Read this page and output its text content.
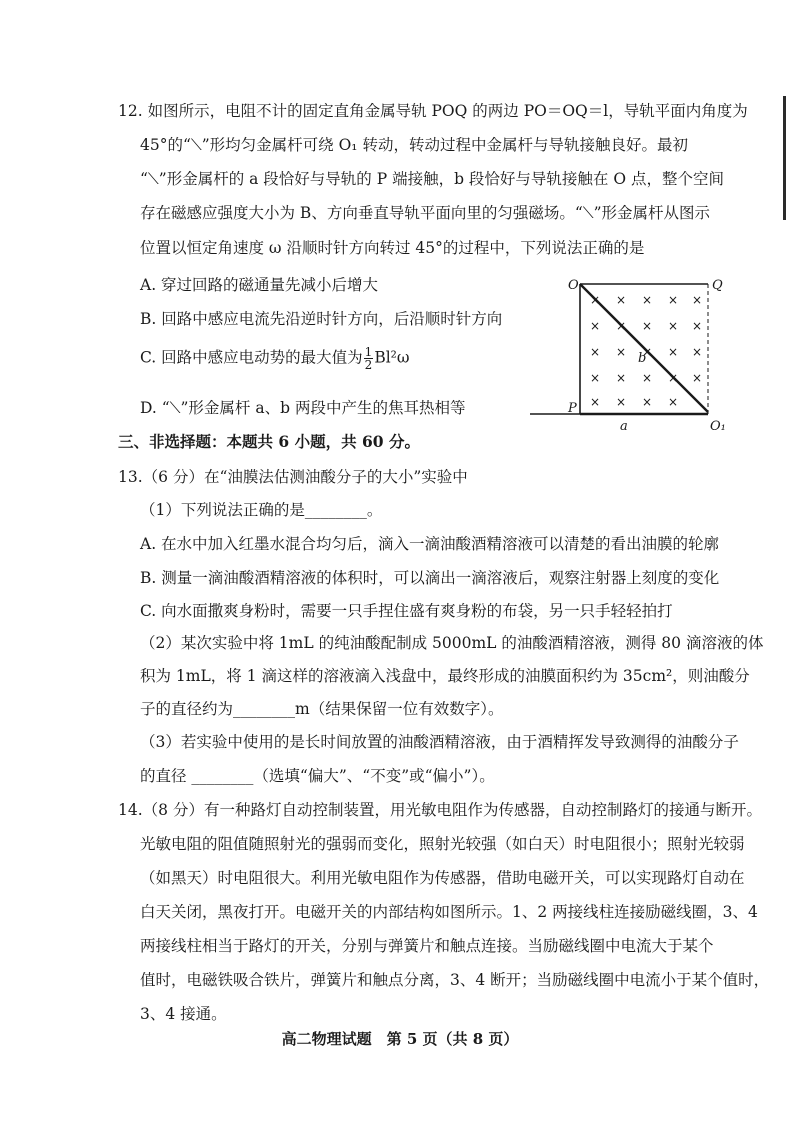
12. 如图所示，电阻不计的固定直角金属导轨 POQ 的两边 PO＝OQ＝l，导轨平面内角度为
45°的“⟍”形均匀金属杆可绕 O₁ 转动，转动过程中金属杆与导轨接触良好。最初
“⟍”形金属杆的 a 段恰好与导轨的 P 端接触，b 段恰好与导轨接触在 O 点，整个空间
存在磁感应强度大小为 B、方向垂直导轨平面向里的匀强磁场。“⟍”形金属杆从图示
位置以恒定角速度 ω 沿顺时针方向转过 45°的过程中，下列说法正确的是
A. 穿过回路的磁通量先减小后增大
B. 回路中感应电流先沿逆时针方向，后沿顺时针方向
C. 回路中感应电动势的最大值为 $\frac{1}{2} Bl^2\omega$
D. “⟍”形金属杆 a、b 两段中产生的焦耳热相等
× × × × ×
× × × × ×
× × × × ×
× × × × ×
× × × ×
O	Q
P
O₁
a
b
三、非选择题：本题共 6 小题，共 60 分。
13.（6 分）在“油膜法估测油酸分子的大小”实验中
（1）下列说法正确的是________。
A. 在水中加入红墨水混合均匀后，滴入一滴油酸酒精溶液可以清楚的看出油膜的轮廓
B. 测量一滴油酸酒精溶液的体积时，可以滴出一滴溶液后，观察注射器上刻度的变化
C. 向水面撒爽身粉时，需要一只手捏住盛有爽身粉的布袋，另一只手轻轻拍打
（2）某次实验中将 1mL 的纯油酸配制成 5000mL 的油酸酒精溶液，测得 80 滴溶液的体
积为 1mL，将 1 滴这样的溶液滴入浅盘中，最终形成的油膜面积约为 35cm²，则油酸分
子的直径约为________m（结果保留一位有效数字）。
（3）若实验中使用的是长时间放置的油酸酒精溶液，由于酒精挥发导致测得的油酸分子
的直径 ________（选填“偏大”、“不变”或“偏小”）。
14.（8 分）有一种路灯自动控制装置，用光敏电阻作为传感器，自动控制路灯的接通与断开。
光敏电阻的阻值随照射光的强弱而变化，照射光较强（如白天）时电阻很小；照射光较弱
（如黑天）时电阻很大。利用光敏电阻作为传感器，借助电磁开关，可以实现路灯自动在
白天关闭，黑夜打开。电磁开关的内部结构如图所示。1、2 两接线柱连接励磁线圈，3、4
两接线柱相当于路灯的开关，分别与弹簧片和触点连接。当励磁线圈中电流大于某个
值时，电磁铁吸合铁片，弹簧片和触点分离，3、4 断开；当励磁线圈中电流小于某个值时，
3、4 接通。
高二物理试题　第 5 页（共 8 页）
